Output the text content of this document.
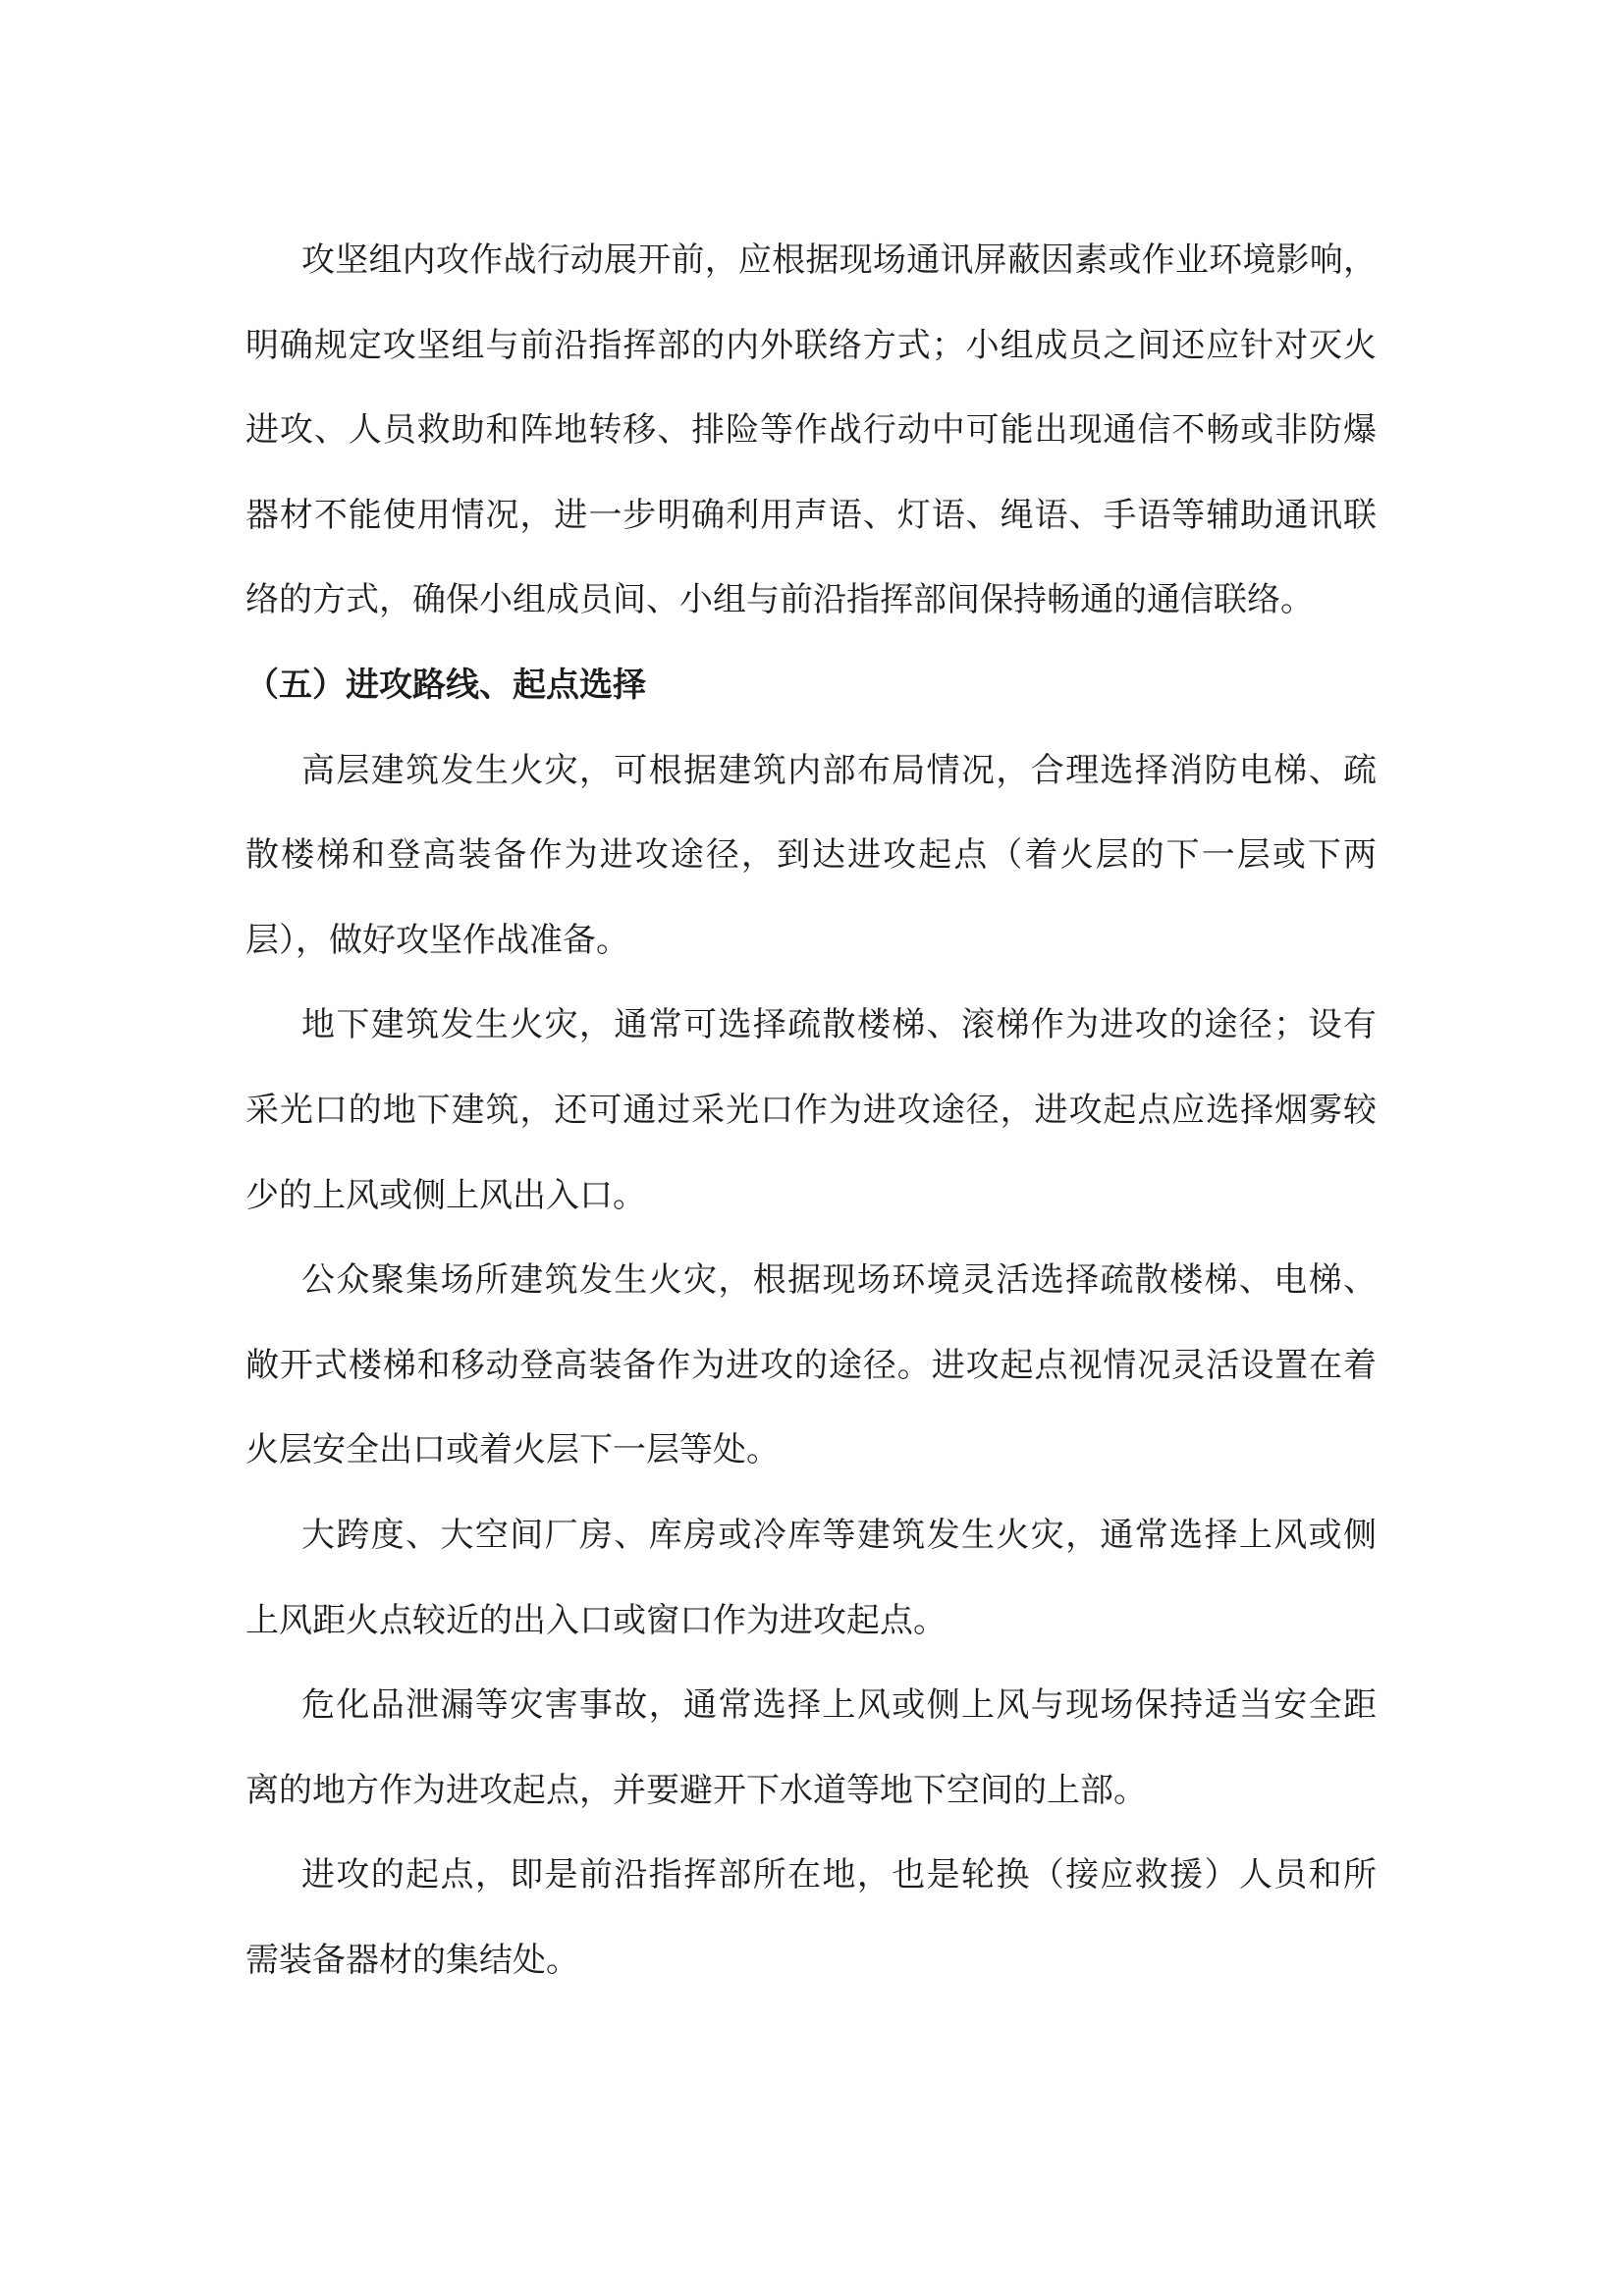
攻坚组内攻作战行动展开前，应根据现场通讯屏蔽因素或作业环境影响，
明确规定攻坚组与前沿指挥部的内外联络方式；小组成员之间还应针对灭火
进攻、人员救助和阵地转移、排险等作战行动中可能出现通信不畅或非防爆
器材不能使用情况，进一步明确利用声语、灯语、绳语、手语等辅助通讯联
络的方式，确保小组成员间、小组与前沿指挥部间保持畅通的通信联络。
（五）进攻路线、起点选择
高层建筑发生火灾，可根据建筑内部布局情况，合理选择消防电梯、疏
散楼梯和登高装备作为进攻途径，到达进攻起点（着火层的下一层或下两
层），做好攻坚作战准备。
地下建筑发生火灾，通常可选择疏散楼梯、滚梯作为进攻的途径；设有
采光口的地下建筑，还可通过采光口作为进攻途径，进攻起点应选择烟雾较
少的上风或侧上风出入口。
公众聚集场所建筑发生火灾，根据现场环境灵活选择疏散楼梯、电梯、
敞开式楼梯和移动登高装备作为进攻的途径。进攻起点视情况灵活设置在着
火层安全出口或着火层下一层等处。
大跨度、大空间厂房、库房或冷库等建筑发生火灾，通常选择上风或侧
上风距火点较近的出入口或窗口作为进攻起点。
危化品泄漏等灾害事故，通常选择上风或侧上风与现场保持适当安全距
离的地方作为进攻起点，并要避开下水道等地下空间的上部。
进攻的起点，即是前沿指挥部所在地，也是轮换（接应救援）人员和所
需装备器材的集结处。
